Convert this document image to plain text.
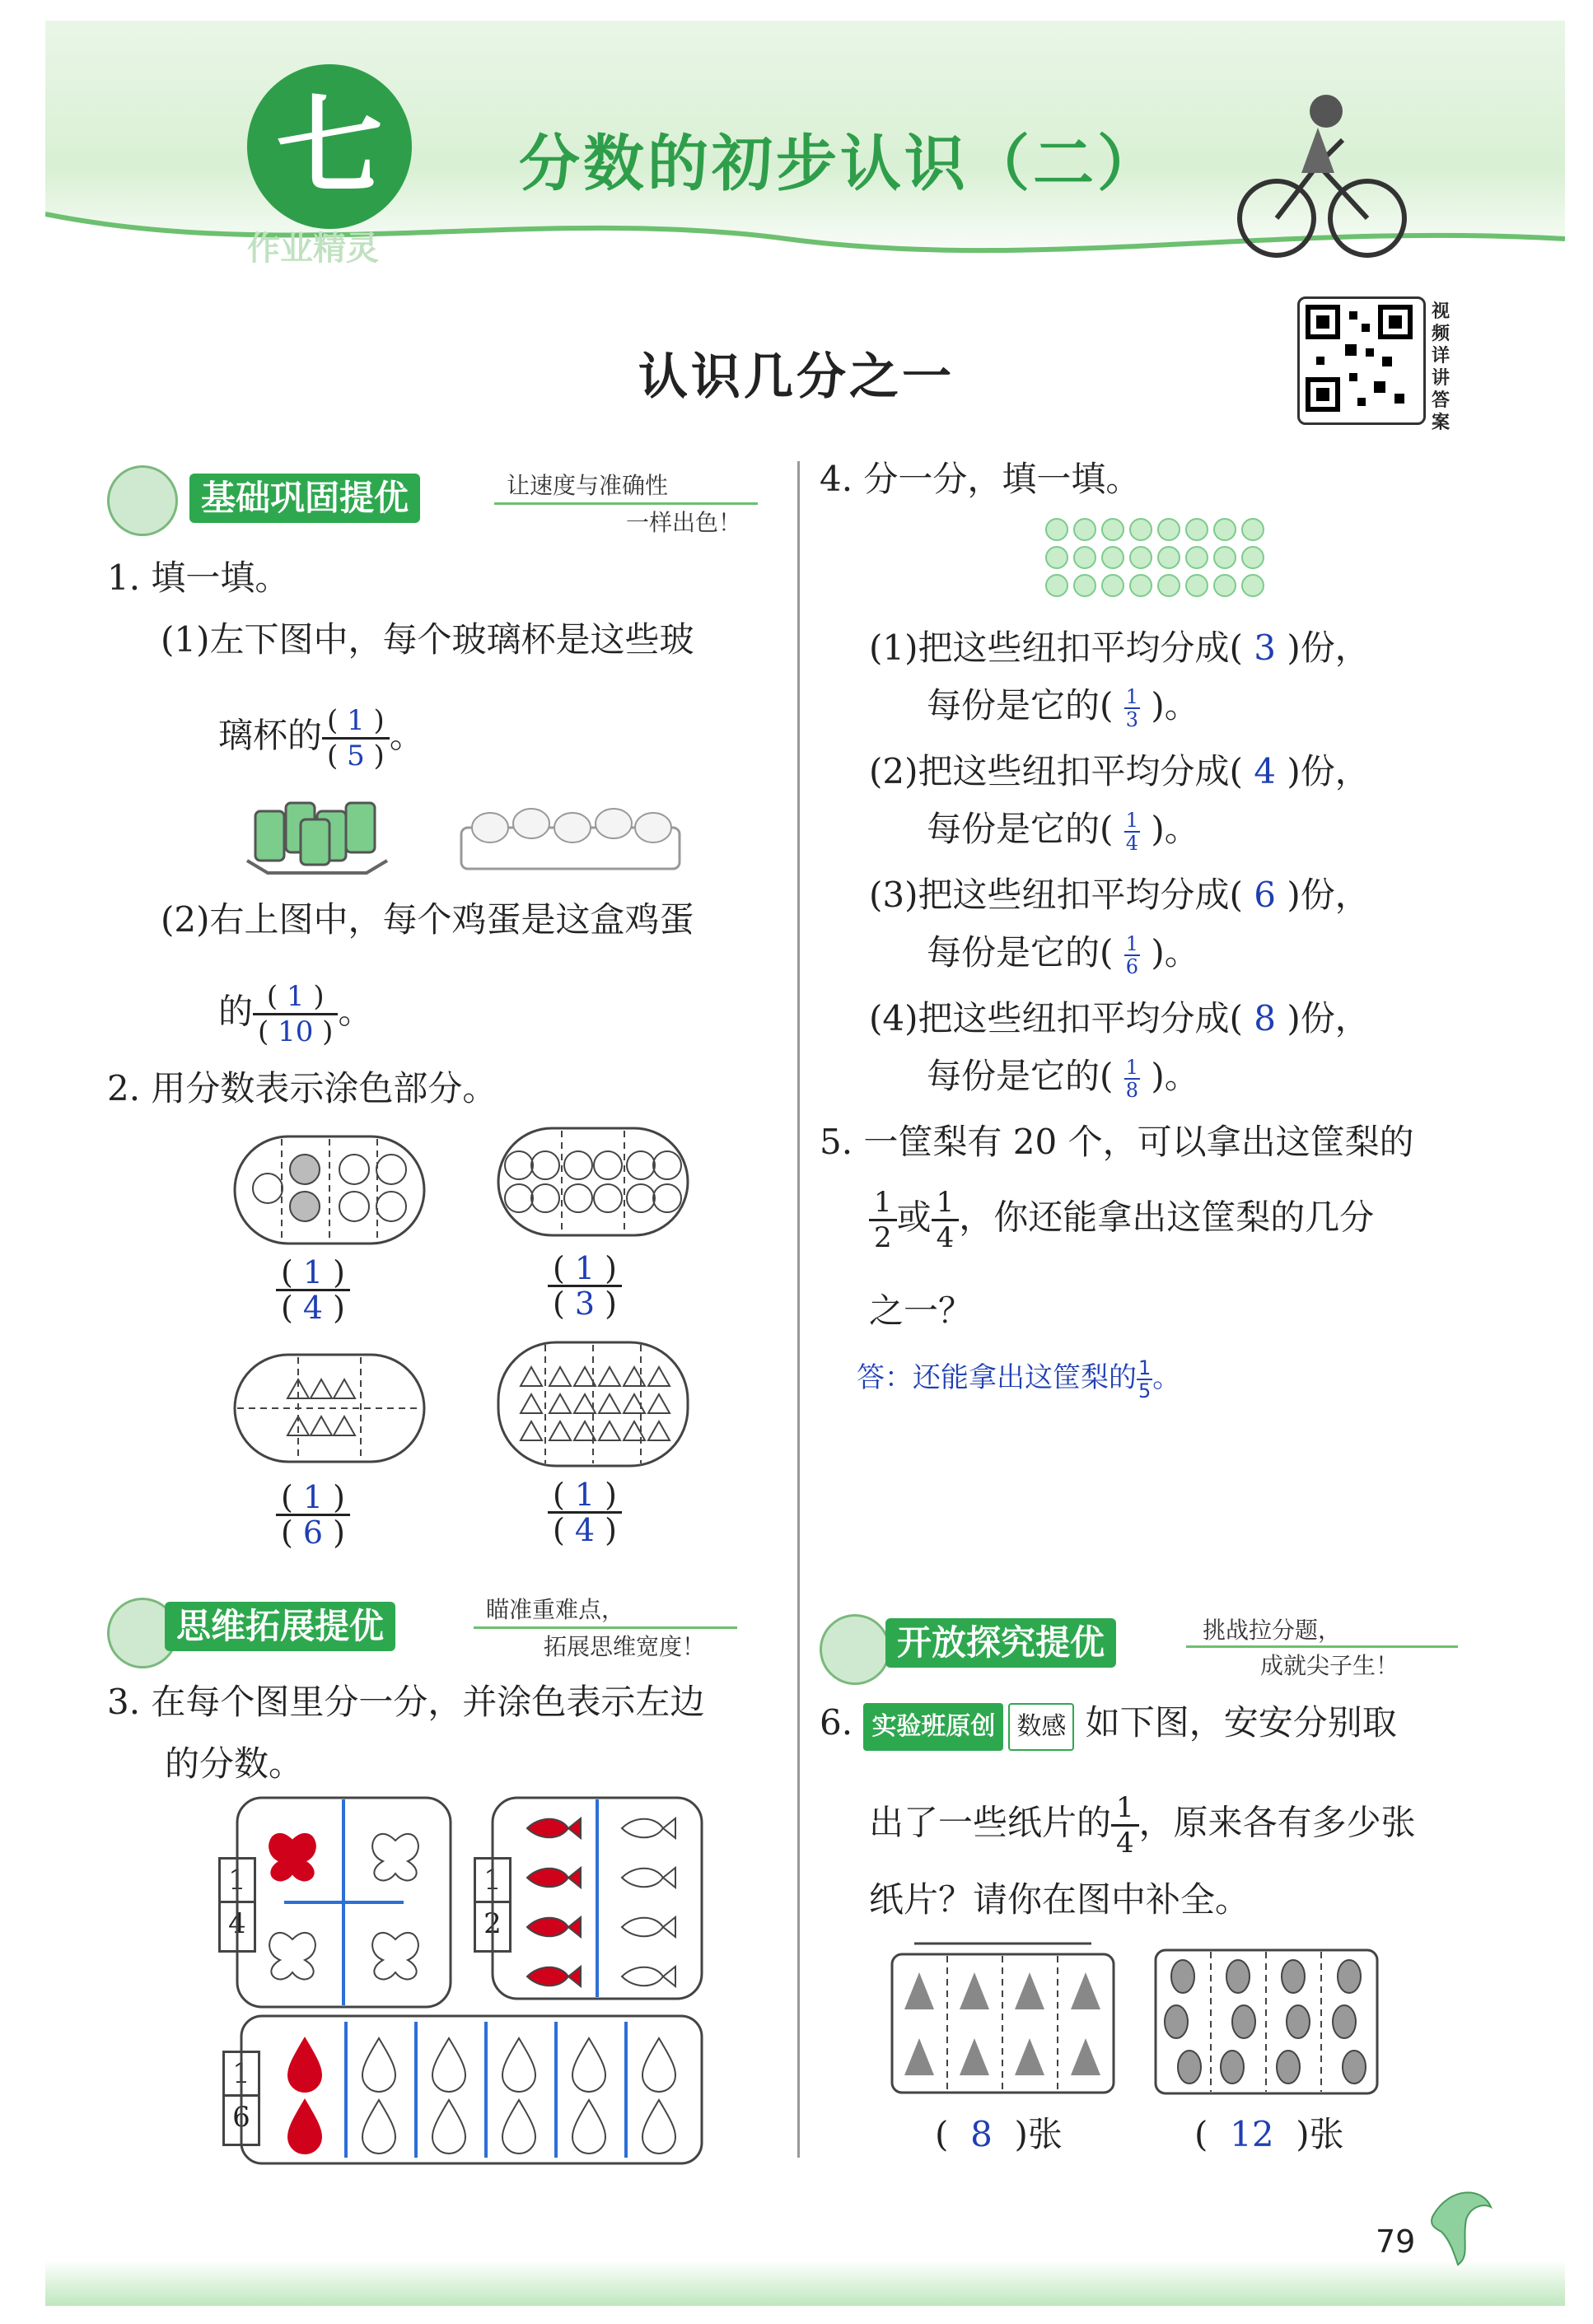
七	分数的初步认识（二）
作业精灵
认识几分之一
视
频
详
讲
答
案
基础巩固提优	让速度与准确性
一样出色！
1. 填一填。
(1)左下图中，每个玻璃杯是这些玻
璃杯的 $\frac{( 1 )}{( 5 )}$ 。
(2)右上图中，每个鸡蛋是这盒鸡蛋
的 $\frac{( 1 )}{( 10 )}$ 。
2. 用分数表示涂色部分。
$\frac{( 1 )}{( 4 )}$	$\frac{( 1 )}{( 3 )}$
$\frac{( 1 )}{( 6 )}$	$\frac{( 1 )}{( 4 )}$
思维拓展提优	瞄准重难点，
拓展思维宽度！
3. 在每个图里分一分，并涂色表示左边
的分数。
$\frac{1}{4}$	$\frac{1}{2}$
$\frac{1}{6}$
4. 分一分，填一填。
(1)把这些纽扣平均分成( 3 )份，
每份是它的( $\frac{1}{3}$ )。
(2)把这些纽扣平均分成( 4 )份，
每份是它的( $\frac{1}{4}$ )。
(3)把这些纽扣平均分成( 6 )份，
每份是它的( $\frac{1}{6}$ )。
(4)把这些纽扣平均分成( 8 )份，
每份是它的( $\frac{1}{8}$ )。
5. 一筐梨有 20 个，可以拿出这筐梨的
$\frac{1}{2}$ 或 $\frac{1}{4}$ ，你还能拿出这筐梨的几分
之一？
答：还能拿出这筐梨的 $\frac{1}{5}$ 。
开放探究提优	挑战拉分题，
成就尖子生！
6. 实验班原创 数感 如下图，安安分别取
出了一些纸片的 $\frac{1}{4}$ ，原来各有多少张
纸片？请你在图中补全。
(  8  )张	(  12  )张
79
